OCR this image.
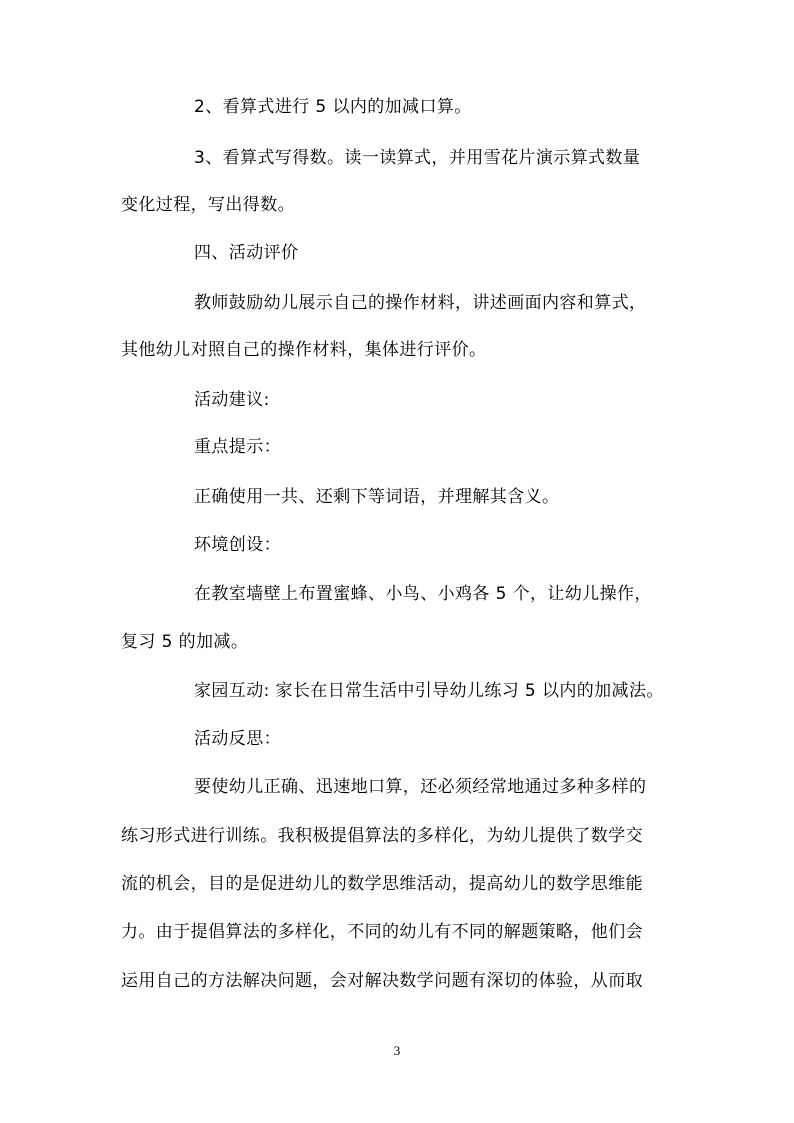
2、看算式进行 5 以内的加减口算。
3、看算式写得数。读一读算式，并用雪花片演示算式数量
变化过程，写出得数。
四、活动评价
教师鼓励幼儿展示自己的操作材料，讲述画面内容和算式，
其他幼儿对照自己的操作材料，集体进行评价。
活动建议:
重点提示：
正确使用一共、还剩下等词语，并理解其含义。
环境创设：
在教室墙壁上布置蜜蜂、小鸟、小鸡各 5 个，让幼儿操作，
复习 5 的加减。
家园互动: 家长在日常生活中引导幼儿练习 5 以内的加减法。
活动反思：
要使幼儿正确、迅速地口算，还必须经常地通过多种多样的
练习形式进行训练。我积极提倡算法的多样化，为幼儿提供了数学交
流的机会，目的是促进幼儿的数学思维活动，提高幼儿的数学思维能
力。由于提倡算法的多样化，不同的幼儿有不同的解题策略，他们会
运用自己的方法解决问题，会对解决数学问题有深切的体验，从而取
3
